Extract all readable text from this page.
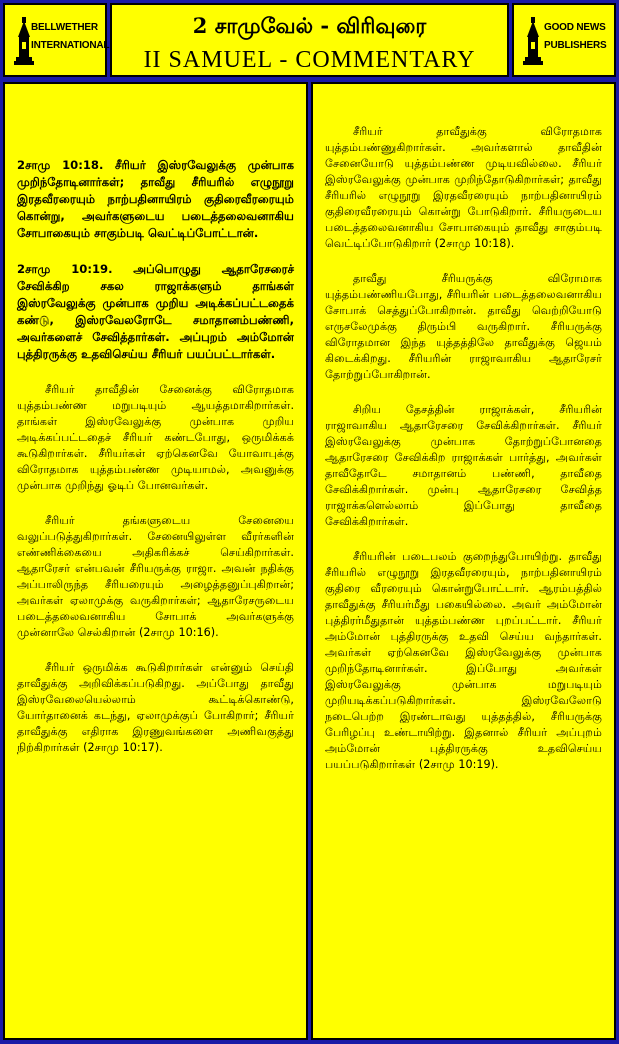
BELLWETHER
INTERNATIONAL
2 சாமுவேல் - விரிவுரை
II SAMUEL - COMMENTARY
GOOD NEWS
PUBLISHERS

2சாமு 10:18. சீரியர் இஸ்ரவேலுக்கு முன்பாக முறிந்தோடினார்கள்; தாவீது சீரியரில் எழுநூறு இரதவீரரையும் நாற்பதினாயிரம் குதிரைவீரரையும் கொன்று, அவர்களுடைய படைத்தலைவனாகிய சோபாகையும் சாகும்படி வெட்டிப்போட்டான்.

2சாமு 10:19. அப்பொழுது ஆதாரேசரைச் சேவிக்கிற சகல ராஜாக்களும் தாங்கள் இஸ்ரவேலுக்கு முன்பாக முறிய அடிக்கப்பட்டதைக் கண்டு, இஸ்ரவேலரோடே சமாதானம்பண்ணி, அவர்களைச் சேவித்தார்கள். அப்புறம் அம்மோன் புத்திரருக்கு உதவிசெய்ய சீரியர் பயப்பட்டார்கள்.

சீரியர் தாவீதின் சேனைக்கு விரோதமாக யுத்தம்பண்ண மறுபடியும் ஆயத்தமாகிறார்கள். தாங்கள் இஸ்ரவேலுக்கு முன்பாக முறிய அடிக்கப்பட்டதைச் சீரியர் கண்டபோது, ஒருமிக்கக் கூடுகிறார்கள். சீரியர்கள் ஏற்கெனவே யோவாபுக்கு விரோதமாக யுத்தம்பண்ண முடியாமல், அவனுக்கு முன்பாக முறிந்து ஓடிப் போனவர்கள்.

சீரியர் தங்களுடைய சேனையை வலுப்படுத்துகிறார்கள். சேனையிலுள்ள வீரர்களின் எண்ணிக்கையை அதிகரிக்கச் செய்கிறார்கள். ஆதாரேசர் என்பவன் சீரியருக்கு ராஜா. அவன் நதிக்கு அப்பாலிருந்த சீரியரையும் அழைத்தனுப்புகிறான்; அவர்கள் ஏலாமுக்கு வருகிறார்கள்; ஆதாரேசருடைய படைத்தலைவனாகிய சோபாக் அவர்களுக்கு முன்னாலே செல்கிறான் (2சாமு 10:16).

சீரியர் ஒருமிக்க கூடுகிறார்கள் என்னும் செய்தி தாவீதுக்கு அறிவிக்கப்படுகிறது. அப்போது தாவீது இஸ்ரவேலையெல்லாம் கூட்டிக்கொண்டு, யோர்தானைக் கடந்து, ஏலாமுக்குப் போகிறார்; சீரியர் தாவீதுக்கு எதிராக இரணுவங்களை அணிவகுத்து நிற்கிறார்கள் (2சாமு 10:17).

சீரியர் தாவீதுக்கு விரோதமாக யுத்தம்பண்ணுகிறார்கள். அவர்களால் தாவீதின் சேனையோடு யுத்தம்பண்ண முடியவில்லை. சீரியர் இஸ்ரவேலுக்கு முன்பாக முறிந்தோடுகிறார்கள்; தாவீது சீரியரில் எழுநூறு இரதவீரரையும் நாற்பதினாயிரம் குதிரைவீரரையும் கொன்று போடுகிறார். சீரியருடைய படைத்தலைவனாகிய சோபாகையும் தாவீது சாகும்படி வெட்டிப்போடுகிறார் (2சாமு 10:18).

தாவீது சீரியருக்கு விரோமாக யுத்தம்பண்ணியபோது, சீரியரின் படைத்தலைவனாகிய சோபாக் செத்துப்போகிறான். தாவீது வெற்றியோடு எருசலேமுக்கு திரும்பி வருகிறார். சீரியருக்கு விரோதமான இந்த யுத்தத்திலே தாவீதுக்கு ஜெயம் கிடைக்கிறது. சீரியரின் ராஜாவாகிய ஆதாரேசர் தோற்றுப்போகிறான்.

சிறிய தேசத்தின் ராஜாக்கள், சீரியரின் ராஜாவாகிய ஆதாரேசரை சேவிக்கிறார்கள். சீரியர் இஸ்ரவேலுக்கு முன்பாக தோற்றுப்போனதை ஆதாரேசரை சேவிக்கிற ராஜாக்கள் பார்த்து, அவர்கள் தாவீதோடே சமாதானம் பண்ணி, தாவீதை சேவிக்கிறார்கள். முன்பு ஆதாரேசரை சேவித்த ராஜாக்களெல்லாம் இப்போது தாவீதை சேவிக்கிறார்கள்.

சீரியரின் படைபலம் குறைந்துபோயிற்று. தாவீது சீரியரில் எழுநூறு இரதவீரரையும், நாற்பதினாயிரம் குதிரை வீரரையும் கொன்றுபோட்டார். ஆரம்பத்தில் தாவீதுக்கு சீரியர்மீது பகையில்லை. அவர் அம்மோன் புத்திரர்மீதுதான் யுத்தம்பண்ண புறப்பட்டார். சீரியர் அம்மோன் புத்திரருக்கு உதவி செய்ய வந்தார்கள். அவர்கள் ஏற்கெனவே இஸ்ரவேலுக்கு முன்பாக முறிந்தோடினார்கள். இப்போது அவர்கள் இஸ்ரவேலுக்கு முன்பாக மறுபடியும் முறியடிக்கப்படுகிறார்கள். இஸ்ரவேலோடு நடைபெற்ற இரண்டாவது யுத்தத்தில், சீரியருக்கு பேரிழப்பு உண்டாயிற்று. இதனால் சீரியர் அப்புறம் அம்மோன் புத்திரருக்கு உதவிசெய்ய பயப்படுகிறார்கள் (2சாமு 10:19).
